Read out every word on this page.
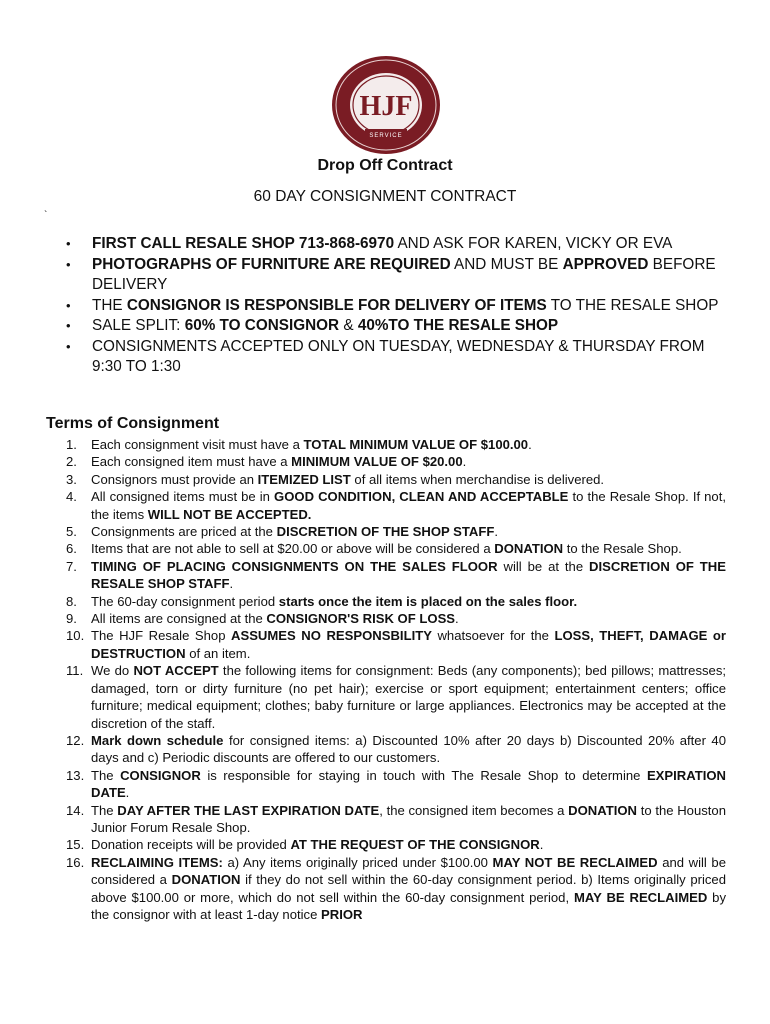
HJF
SERVICE
Drop Off Contract
60 DAY CONSIGNMENT CONTRACT
`
• FIRST CALL RESALE SHOP 713-868-6970 AND ASK FOR KAREN, VICKY OR EVA
• PHOTOGRAPHS OF FURNITURE ARE REQUIRED AND MUST BE APPROVED BEFORE DELIVERY
• THE CONSIGNOR IS RESPONSIBLE FOR DELIVERY OF ITEMS TO THE RESALE SHOP
• SALE SPLIT: 60% TO CONSIGNOR & 40%TO THE RESALE SHOP
• CONSIGNMENTS ACCEPTED ONLY ON TUESDAY, WEDNESDAY & THURSDAY FROM 9:30 TO 1:30
Terms of Consignment
1. Each consignment visit must have a TOTAL MINIMUM VALUE OF $100.00.
2. Each consigned item must have a MINIMUM VALUE OF $20.00.
3. Consignors must provide an ITEMIZED LIST of all items when merchandise is delivered.
4. All consigned items must be in GOOD CONDITION, CLEAN AND ACCEPTABLE to the Resale Shop. If not, the items WILL NOT BE ACCEPTED.
5. Consignments are priced at the DISCRETION OF THE SHOP STAFF.
6. Items that are not able to sell at $20.00 or above will be considered a DONATION to the Resale Shop.
7. TIMING OF PLACING CONSIGNMENTS ON THE SALES FLOOR will be at the DISCRETION OF THE RESALE SHOP STAFF.
8. The 60-day consignment period starts once the item is placed on the sales floor.
9. All items are consigned at the CONSIGNOR'S RISK OF LOSS.
10. The HJF Resale Shop ASSUMES NO RESPONSBILITY whatsoever for the LOSS, THEFT, DAMAGE or DESTRUCTION of an item.
11. We do NOT ACCEPT the following items for consignment: Beds (any components); bed pillows; mattresses; damaged, torn or dirty furniture (no pet hair); exercise or sport equipment; entertainment centers; office furniture; medical equipment; clothes; baby furniture or large appliances. Electronics may be accepted at the discretion of the staff.
12. Mark down schedule for consigned items: a) Discounted 10% after 20 days b) Discounted 20% after 40 days and c) Periodic discounts are offered to our customers.
13. The CONSIGNOR is responsible for staying in touch with The Resale Shop to determine EXPIRATION DATE.
14. The DAY AFTER THE LAST EXPIRATION DATE, the consigned item becomes a DONATION to the Houston Junior Forum Resale Shop.
15. Donation receipts will be provided AT THE REQUEST OF THE CONSIGNOR.
16. RECLAIMING ITEMS: a) Any items originally priced under $100.00 MAY NOT BE RECLAIMED and will be considered a DONATION if they do not sell within the 60-day consignment period. b) Items originally priced above $100.00 or more, which do not sell within the 60-day consignment period, MAY BE RECLAIMED by the consignor with at least 1-day notice PRIOR
